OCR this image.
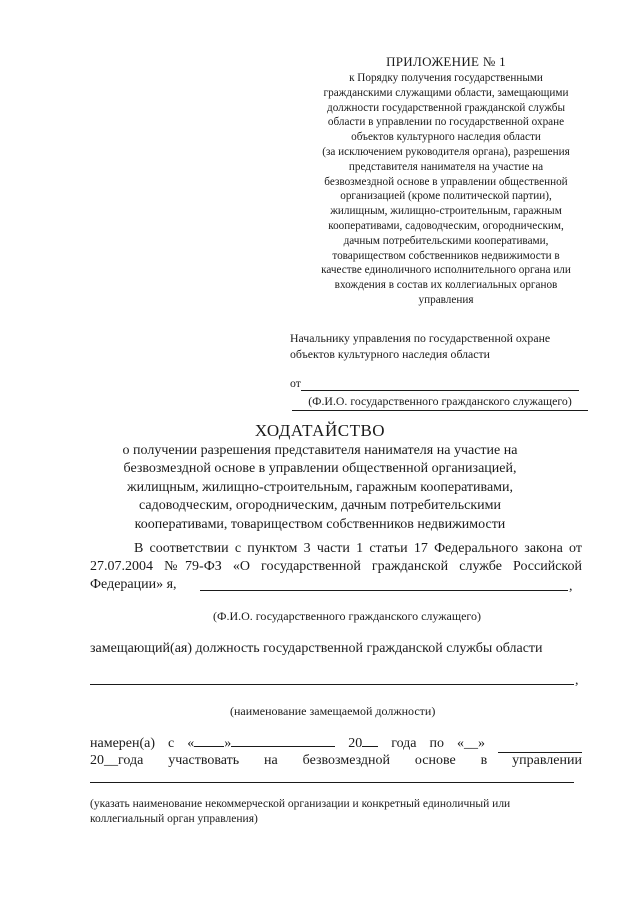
ПРИЛОЖЕНИЕ № 1

к Порядку получения государственными
гражданскими служащими области, замещающими
должности государственной гражданской службы
области в управлении по государственной охране
объектов культурного наследия области
(за исключением руководителя органа), разрешения
представителя нанимателя на участие на
безвозмездной основе в управлении общественной
организацией (кроме политической партии),
жилищным, жилищно-строительным, гаражным
кооперативами, садоводческим, огородническим,
дачным потребительскими кооперативами,
товариществом собственников недвижимости в
качестве единоличного исполнительного органа или
вхождения в состав их коллегиальных органов
управления

Начальнику управления по государственной охране
объектов культурного наследия области
от
(Ф.И.О. государственного гражданского служащего)
ХОДАТАЙСТВО
о получении разрешения представителя нанимателя на участие на
безвозмездной основе в управлении общественной организацией,
жилищным, жилищно-строительным, гаражным кооперативами,
садоводческим, огородническим, дачным потребительскими
кооперативами, товариществом собственников недвижимости
В соответствии с пунктом 3 части 1 статьи 17 Федерального закона от 27.07.2004 №79-ФЗ «О государственной гражданской службе Российской Федерации» я,	,
(Ф.И.О. государственного гражданского служащего)
замещающий(ая) должность государственной гражданской службы области
,
(наименование замещаемой должности)
намерен(а) с « »	20	года по «__»
20__года участвовать на безвозмездной основе в управлении
(указать наименование некоммерческой организации и конкретный единоличный или коллегиальный орган управления)
